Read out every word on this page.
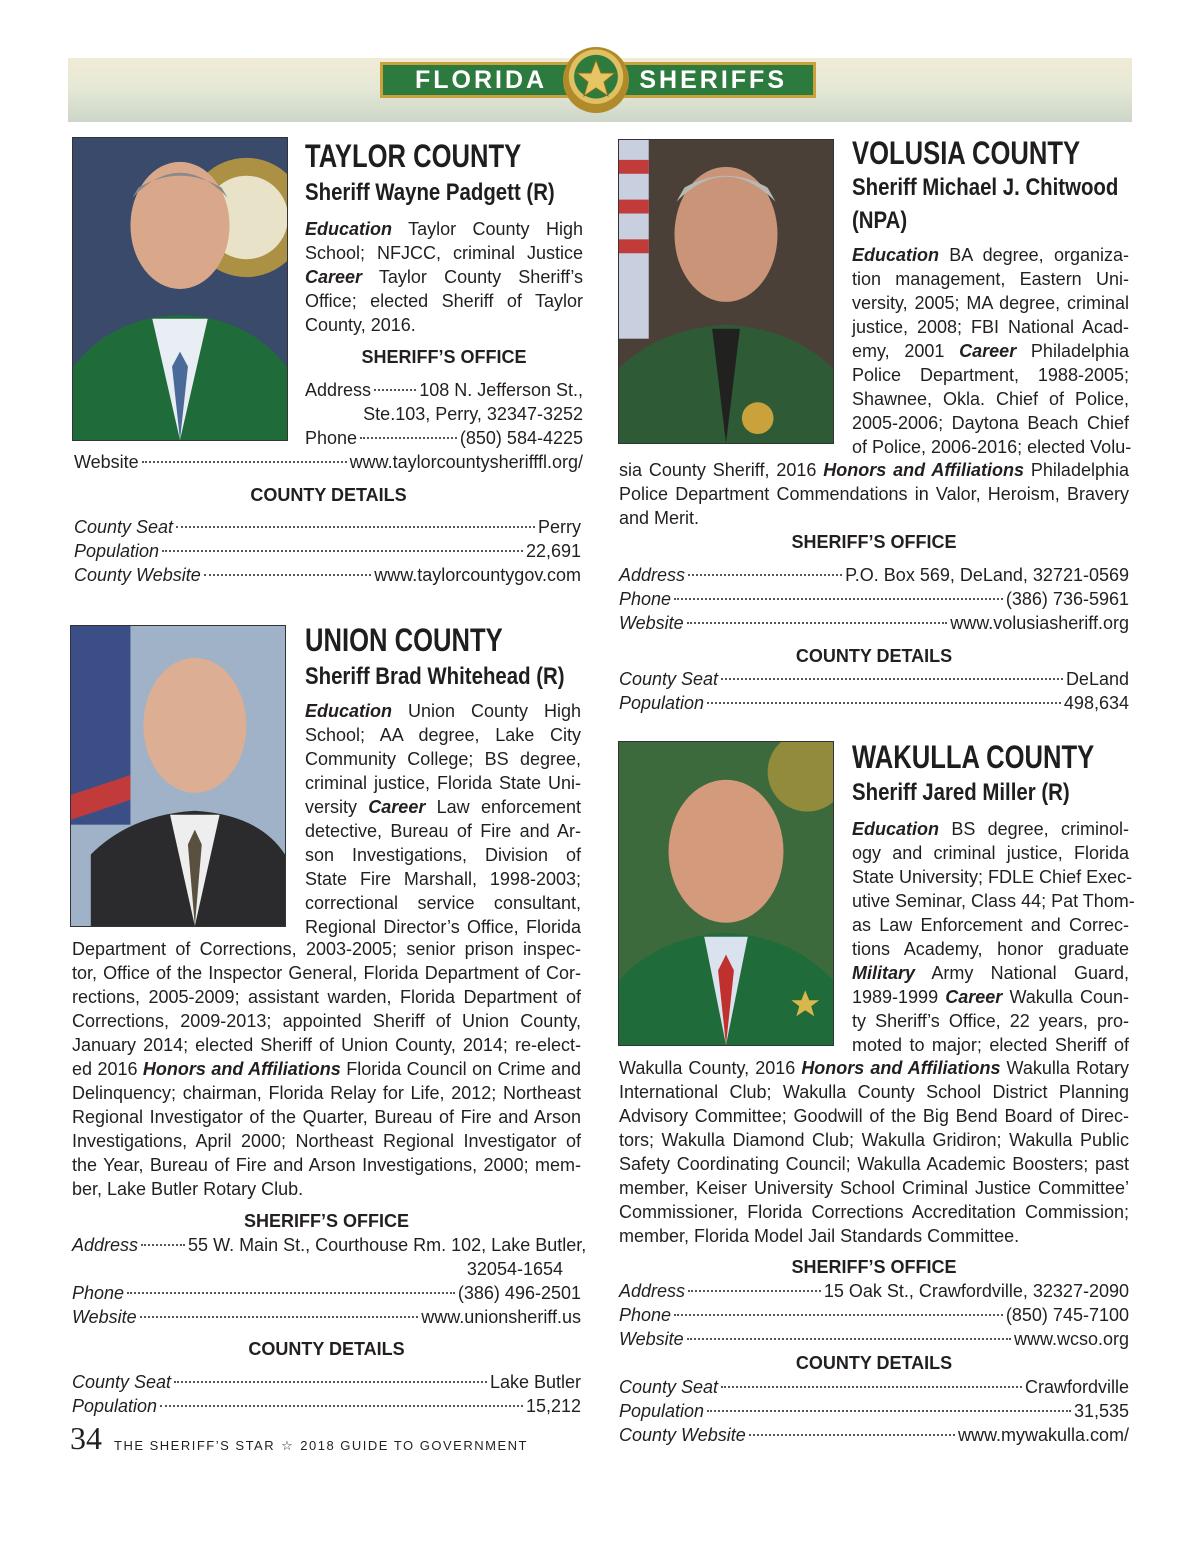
FLORIDA	SHERIFFS
TAYLOR COUNTY
Sheriff Wayne Padgett (R)
Education Taylor County High
School; NFJCC, criminal Justice
Career Taylor County Sheriff’s
Office; elected Sheriff of Taylor
County, 2016.
SHERIFF’S OFFICE
Address	108 N. Jefferson St.,
Ste.103, Perry, 32347-3252
Phone	(850) 584-4225
Website	www.taylorcountysherifffl.org/
COUNTY DETAILS
County Seat	Perry
Population	22,691
County Website	www.taylorcountygov.com
UNION COUNTY
Sheriff Brad Whitehead (R)
Education Union County High
School; AA degree, Lake City
Community College; BS degree,
criminal justice, Florida State Uni-
versity Career Law enforcement
detective, Bureau of Fire and Ar-
son Investigations, Division of
State Fire Marshall, 1998-2003;
correctional service consultant,
Regional Director’s Office, Florida
Department of Corrections, 2003-2005; senior prison inspec-
tor, Office of the Inspector General, Florida Department of Cor-
rections, 2005-2009; assistant warden, Florida Department of
Corrections, 2009-2013; appointed Sheriff of Union County,
January 2014; elected Sheriff of Union County, 2014; re-elect-
ed 2016 Honors and Affiliations Florida Council on Crime and
Delinquency; chairman, Florida Relay for Life, 2012; Northeast
Regional Investigator of the Quarter, Bureau of Fire and Arson
Investigations, April 2000; Northeast Regional Investigator of
the Year, Bureau of Fire and Arson Investigations, 2000; mem-
ber, Lake Butler Rotary Club.
SHERIFF’S OFFICE
Address	55 W. Main St., Courthouse Rm. 102, Lake Butler,
32054-1654
Phone	(386) 496-2501
Website	www.unionsheriff.us
COUNTY DETAILS
County Seat	Lake Butler
Population	15,212
VOLUSIA COUNTY
Sheriff Michael J. Chitwood
(NPA)
Education BA degree, organiza-
tion management, Eastern Uni-
versity, 2005; MA degree, criminal
justice, 2008; FBI National Acad-
emy, 2001 Career Philadelphia
Police Department, 1988-2005;
Shawnee, Okla. Chief of Police,
2005-2006; Daytona Beach Chief
of Police, 2006-2016; elected Volu-
sia County Sheriff, 2016 Honors and Affiliations Philadelphia
Police Department Commendations in Valor, Heroism, Bravery
and Merit.
SHERIFF’S OFFICE
Address	P.O. Box 569, DeLand, 32721-0569
Phone	(386) 736-5961
Website	www.volusiasheriff.org
COUNTY DETAILS
County Seat	DeLand
Population	498,634
WAKULLA COUNTY
Sheriff Jared Miller (R)
Education BS degree, criminol-
ogy and criminal justice, Florida
State University; FDLE Chief Exec-
utive Seminar, Class 44; Pat Thom-
as Law Enforcement and Correc-
tions Academy, honor graduate
Military Army National Guard,
1989-1999 Career Wakulla Coun-
ty Sheriff’s Office, 22 years, pro-
moted to major; elected Sheriff of
Wakulla County, 2016 Honors and Affiliations Wakulla Rotary
International Club; Wakulla County School District Planning
Advisory Committee; Goodwill of the Big Bend Board of Direc-
tors; Wakulla Diamond Club; Wakulla Gridiron; Wakulla Public
Safety Coordinating Council; Wakulla Academic Boosters; past
member, Keiser University School Criminal Justice Committee’
Commissioner, Florida Corrections Accreditation Commission;
member, Florida Model Jail Standards Committee.
SHERIFF’S OFFICE
Address	15 Oak St., Crawfordville, 32327-2090
Phone	(850) 745-7100
Website	www.wcso.org
COUNTY DETAILS
County Seat	Crawfordville
Population	31,535
County Website	www.mywakulla.com/
34 THE SHERIFF’S STAR ☆ 2018 GUIDE TO GOVERNMENT
